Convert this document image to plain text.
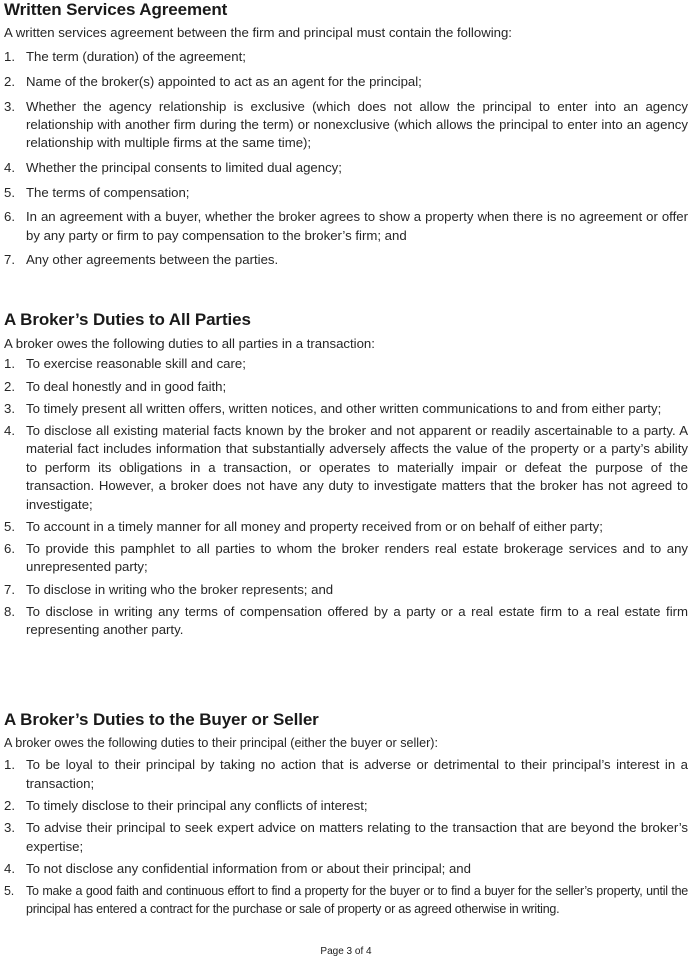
Written Services Agreement

A written services agreement between the firm and principal must contain the following:

1. The term (duration) of the agreement;
2. Name of the broker(s) appointed to act as an agent for the principal;
3. Whether the agency relationship is exclusive (which does not allow the principal to enter into an agency relationship with another firm during the term) or nonexclusive (which allows the principal to enter into an agency relationship with multiple firms at the same time);
4. Whether the principal consents to limited dual agency;
5. The terms of compensation;
6. In an agreement with a buyer, whether the broker agrees to show a property when there is no agreement or offer by any party or firm to pay compensation to the broker’s firm; and
7. Any other agreements between the parties.
A Broker’s Duties to All Parties

A broker owes the following duties to all parties in a transaction:

1. To exercise reasonable skill and care;
2. To deal honestly and in good faith;
3. To timely present all written offers, written notices, and other written communications to and from either party;
4. To disclose all existing material facts known by the broker and not apparent or readily ascertainable to a party. A material fact includes information that substantially adversely affects the value of the property or a party’s ability to perform its obligations in a transaction, or operates to materially impair or defeat the purpose of the transaction. However, a broker does not have any duty to investigate matters that the broker has not agreed to investigate;
5. To account in a timely manner for all money and property received from or on behalf of either party;
6. To provide this pamphlet to all parties to whom the broker renders real estate brokerage services and to any unrepresented party;
7. To disclose in writing who the broker represents; and
8. To disclose in writing any terms of compensation offered by a party or a real estate firm to a real estate firm representing another party.
A Broker’s Duties to the Buyer or Seller

A broker owes the following duties to their principal (either the buyer or seller):

1. To be loyal to their principal by taking no action that is adverse or detrimental to their principal’s interest in a transaction;
2. To timely disclose to their principal any conflicts of interest;
3. To advise their principal to seek expert advice on matters relating to the transaction that are beyond the broker’s expertise;
4. To not disclose any confidential information from or about their principal; and
5. To make a good faith and continuous effort to find a property for the buyer or to find a buyer for the seller’s property, until the principal has entered a contract for the purchase or sale of property or as agreed otherwise in writing.
Page 3 of 4
